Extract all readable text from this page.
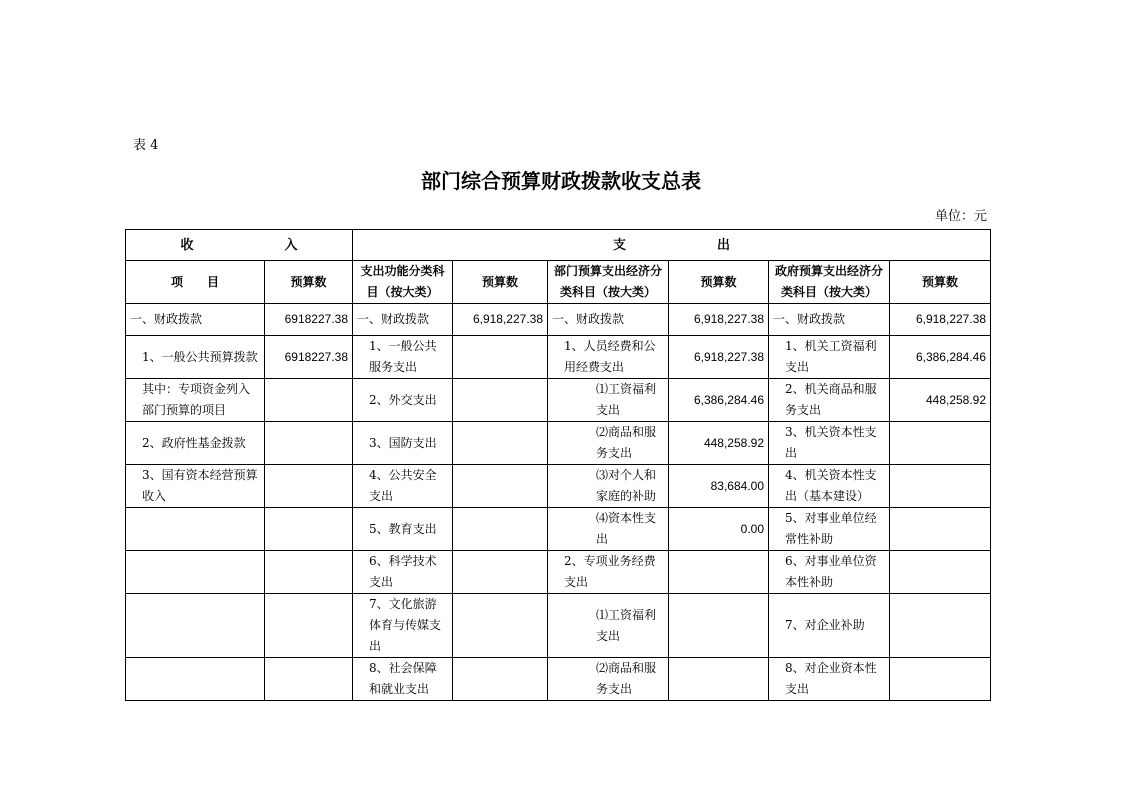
表 4
部门综合预算财政拨款收支总表
单位：元
收　　　　　　　入		支　　　　　　　出					
项　　目	预算数	支出功能分类科目（按大类）	预算数	部门预算支出经济分类科目（按大类）	预算数	政府预算支出经济分类科目（按大类）	预算数
一、财政拨款	6918227.38	一、财政拨款	6,918,227.38	一、财政拨款	6,918,227.38	一、财政拨款	6,918,227.38
1、一般公共预算拨款	6918227.38	1、一般公共服务支出		1、人员经费和公用经费支出	6,918,227.38	1、机关工资福利支出	6,386,284.46
其中：专项资金列入部门预算的项目		2、外交支出		⑴工资福利支出	6,386,284.46	2、机关商品和服务支出	448,258.92
2、政府性基金拨款		3、国防支出		⑵商品和服务支出	448,258.92	3、机关资本性支出	
3、国有资本经营预算收入		4、公共安全支出		⑶对个人和家庭的补助	83,684.00	4、机关资本性支出（基本建设）	
		5、教育支出		⑷资本性支出	0.00	5、对事业单位经常性补助	
		6、科学技术支出		2、专项业务经费支出		6、对事业单位资本性补助	
		7、文化旅游体育与传媒支出		⑴工资福利支出		7、对企业补助	
		8、社会保障和就业支出		⑵商品和服务支出		8、对企业资本性支出	
